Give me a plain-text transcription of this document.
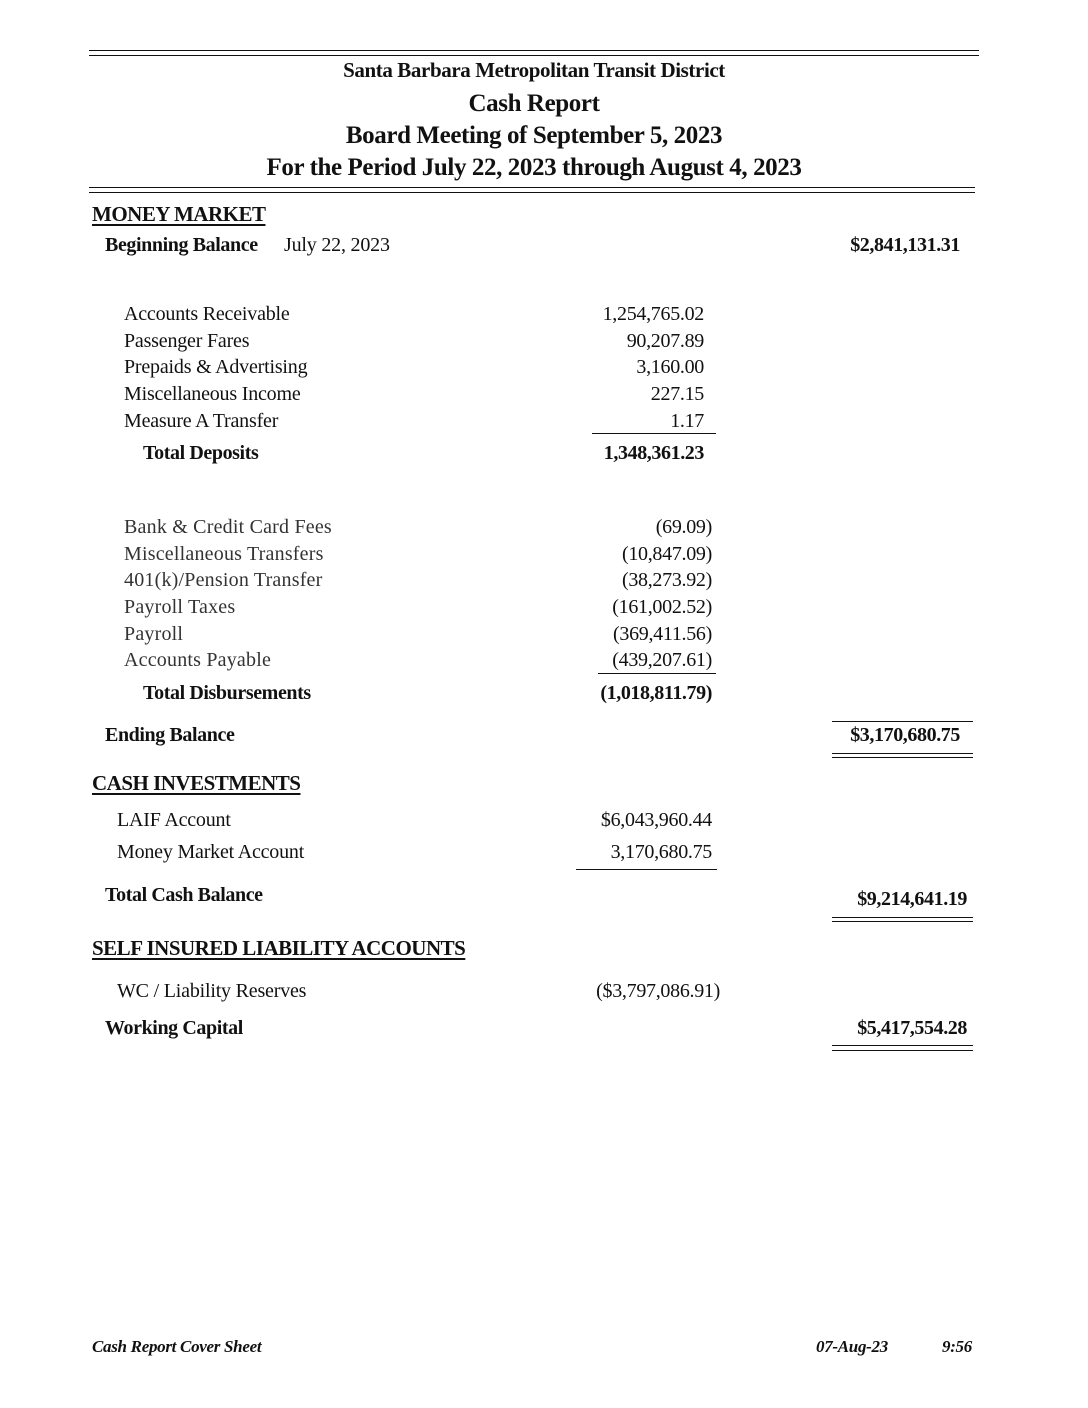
Santa Barbara Metropolitan Transit District
Cash Report
Board Meeting of September 5, 2023
For the Period July 22, 2023 through August 4, 2023
MONEY MARKET
Beginning Balance July 22, 2023	$2,841,131.31
Accounts Receivable	1,254,765.02
Passenger Fares	90,207.89
Prepaids & Advertising	3,160.00
Miscellaneous Income	227.15
Measure A Transfer	1.17
Total Deposits	1,348,361.23
Bank & Credit Card Fees	(69.09)
Miscellaneous Transfers	(10,847.09)
401(k)/Pension Transfer	(38,273.92)
Payroll Taxes	(161,002.52)
Payroll	(369,411.56)
Accounts Payable	(439,207.61)
Total Disbursements	(1,018,811.79)
Ending Balance	$3,170,680.75
CASH INVESTMENTS
LAIF Account	$6,043,960.44
Money Market Account	3,170,680.75
Total Cash Balance	$9,214,641.19
SELF INSURED LIABILITY ACCOUNTS
WC / Liability Reserves	($3,797,086.91)
Working Capital	$5,417,554.28
Cash Report Cover Sheet	07-Aug-23	9:56
